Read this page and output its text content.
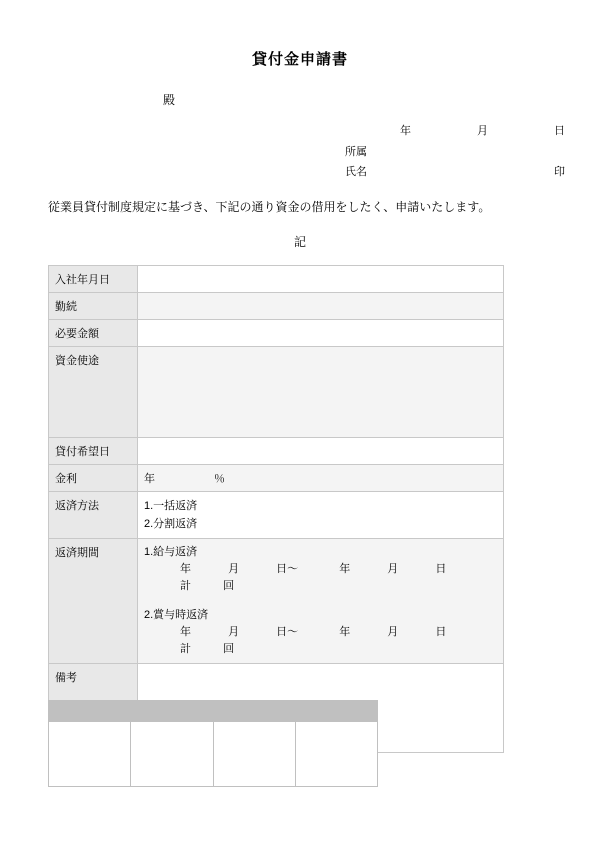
貸付金申請書
殿
年	月	日
所属
氏名	印
従業員貸付制度規定に基づき、下記の通り資金の借用をしたく、申請いたします。
記
入社年月日	
勤続	
必要金額	
資金使途	
貸付希望日	
金利	年 ％

返済方法	1.一括返済
2.分割返済

返済期間	1.給与返済
年 月 日～ 年 月 日 計 回
2.賞与時返済
年 月 日～ 年 月 日 計 回

備考	
